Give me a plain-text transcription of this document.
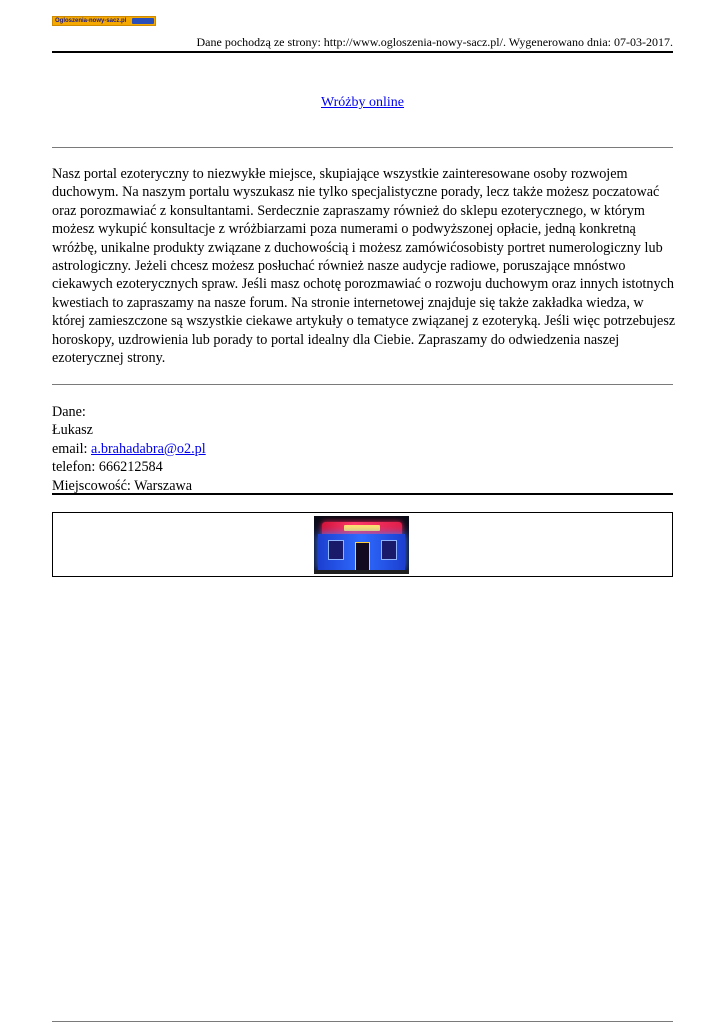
Ogloszenia-nowy-sacz.pl
Dane pochodzą ze strony: http://www.ogloszenia-nowy-sacz.pl/. Wygenerowano dnia: 07-03-2017.
Wróżby online

Nasz portal ezoteryczny to niezwykłe miejsce, skupiające wszystkie zainteresowane osoby rozwojem duchowym. Na naszym portalu wyszukasz nie tylko specjalistyczne porady, lecz także możesz poczatować oraz porozmawiać z konsultantami. Serdecznie zapraszamy również do sklepu ezoterycznego, w którym możesz wykupić konsultacje z wróżbiarzami poza numerami o podwyższonej opłacie, jedną konkretną wróżbę, unikalne produkty związane z duchowością i możesz zamówićosobisty portret numerologiczny lub astrologiczny. Jeżeli chcesz możesz posłuchać również nasze audycje radiowe, poruszające mnóstwo ciekawych ezoterycznych spraw. Jeśli masz ochotę porozmawiać o rozwoju duchowym oraz innych istotnych kwestiach to zapraszamy na nasze forum. Na stronie internetowej znajduje się także zakładka wiedza, w której zamieszczone są wszystkie ciekawe artykuły o tematyce związanej z ezoteryką. Jeśli więc potrzebujesz horoskopy, uzdrowienia lub porady to portal idealny dla Ciebie. Zapraszamy do odwiedzenia naszej ezoterycznej strony.

Dane:
Łukasz
email: a.brahadabra@o2.pl
telefon: 666212584
Miejscowość: Warszawa
